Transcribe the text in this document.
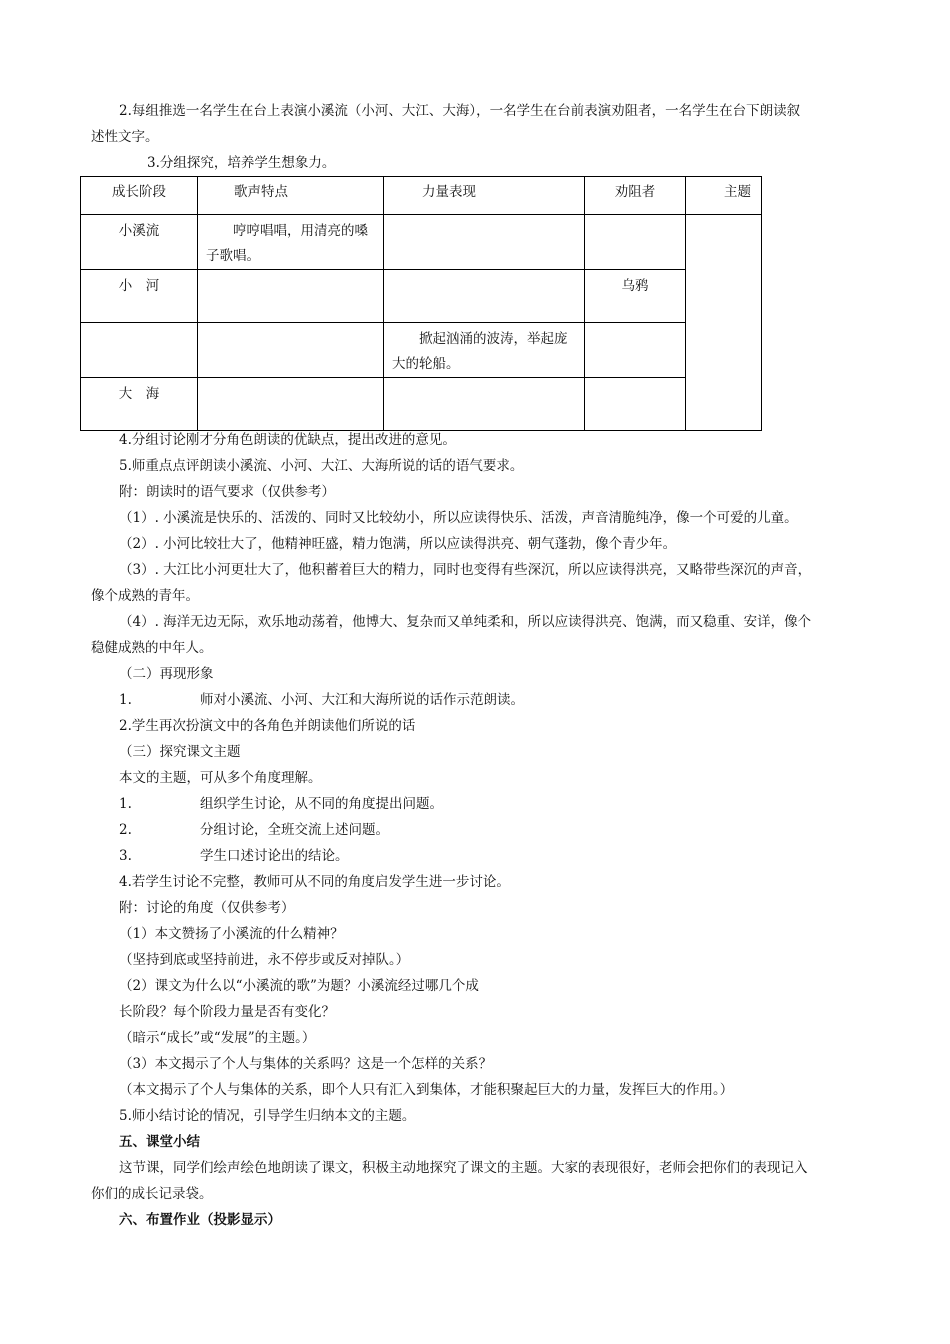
2.每组推选一名学生在台上表演小溪流（小河、大江、大海），一名学生在台前表演劝阻者，一名学生在台下朗读叙

述性文字。

3.分组探究，培养学生想象力。

成长阶段	歌声特点	力量表现	劝阻者	主题
小溪流	哼哼唱唱，用清亮的嗓子歌唱。			
小　河			乌鸦	
		掀起汹涌的波涛，举起庞大的轮船。		
大　海				

4.分组讨论刚才分角色朗读的优缺点，提出改进的意见。

5.师重点点评朗读小溪流、小河、大江、大海所说的话的语气要求。

附：朗读时的语气要求（仅供参考）

（1）. 小溪流是快乐的、活泼的、同时又比较幼小，所以应读得快乐、活泼，声音清脆纯净，像一个可爱的儿童。

（2）. 小河比较壮大了，他精神旺盛，精力饱满，所以应读得洪亮、朝气蓬勃，像个青少年。

（3）. 大江比小河更壮大了，他积蓄着巨大的精力，同时也变得有些深沉，所以应读得洪亮，又略带些深沉的声音，

像个成熟的青年。

（4）. 海洋无边无际，欢乐地动荡着，他博大、复杂而又单纯柔和，所以应读得洪亮、饱满，而又稳重、安详，像个

稳健成熟的中年人。

（二）再现形象

1.	师对小溪流、小河、大江和大海所说的话作示范朗读。

2.学生再次扮演文中的各角色并朗读他们所说的话

（三）探究课文主题

本文的主题，可从多个角度理解。

1.	组织学生讨论，从不同的角度提出问题。

2.	分组讨论，全班交流上述问题。

3.	学生口述讨论出的结论。

4.若学生讨论不完整，教师可从不同的角度启发学生进一步讨论。

附：讨论的角度（仅供参考）

（1）本文赞扬了小溪流的什么精神？

（坚持到底或坚持前进，永不停步或反对掉队。）

（2）课文为什么以“小溪流的歌”为题？小溪流经过哪几个成

长阶段？每个阶段力量是否有变化？

（暗示“成长”或“发展”的主题。）

（3）本文揭示了个人与集体的关系吗？这是一个怎样的关系？

（本文揭示了个人与集体的关系，即个人只有汇入到集体，才能积聚起巨大的力量，发挥巨大的作用。）

5.师小结讨论的情况，引导学生归纳本文的主题。

五、课堂小结

这节课，同学们绘声绘色地朗读了课文，积极主动地探究了课文的主题。大家的表现很好，老师会把你们的表现记入

你们的成长记录袋。

六、布置作业（投影显示）
